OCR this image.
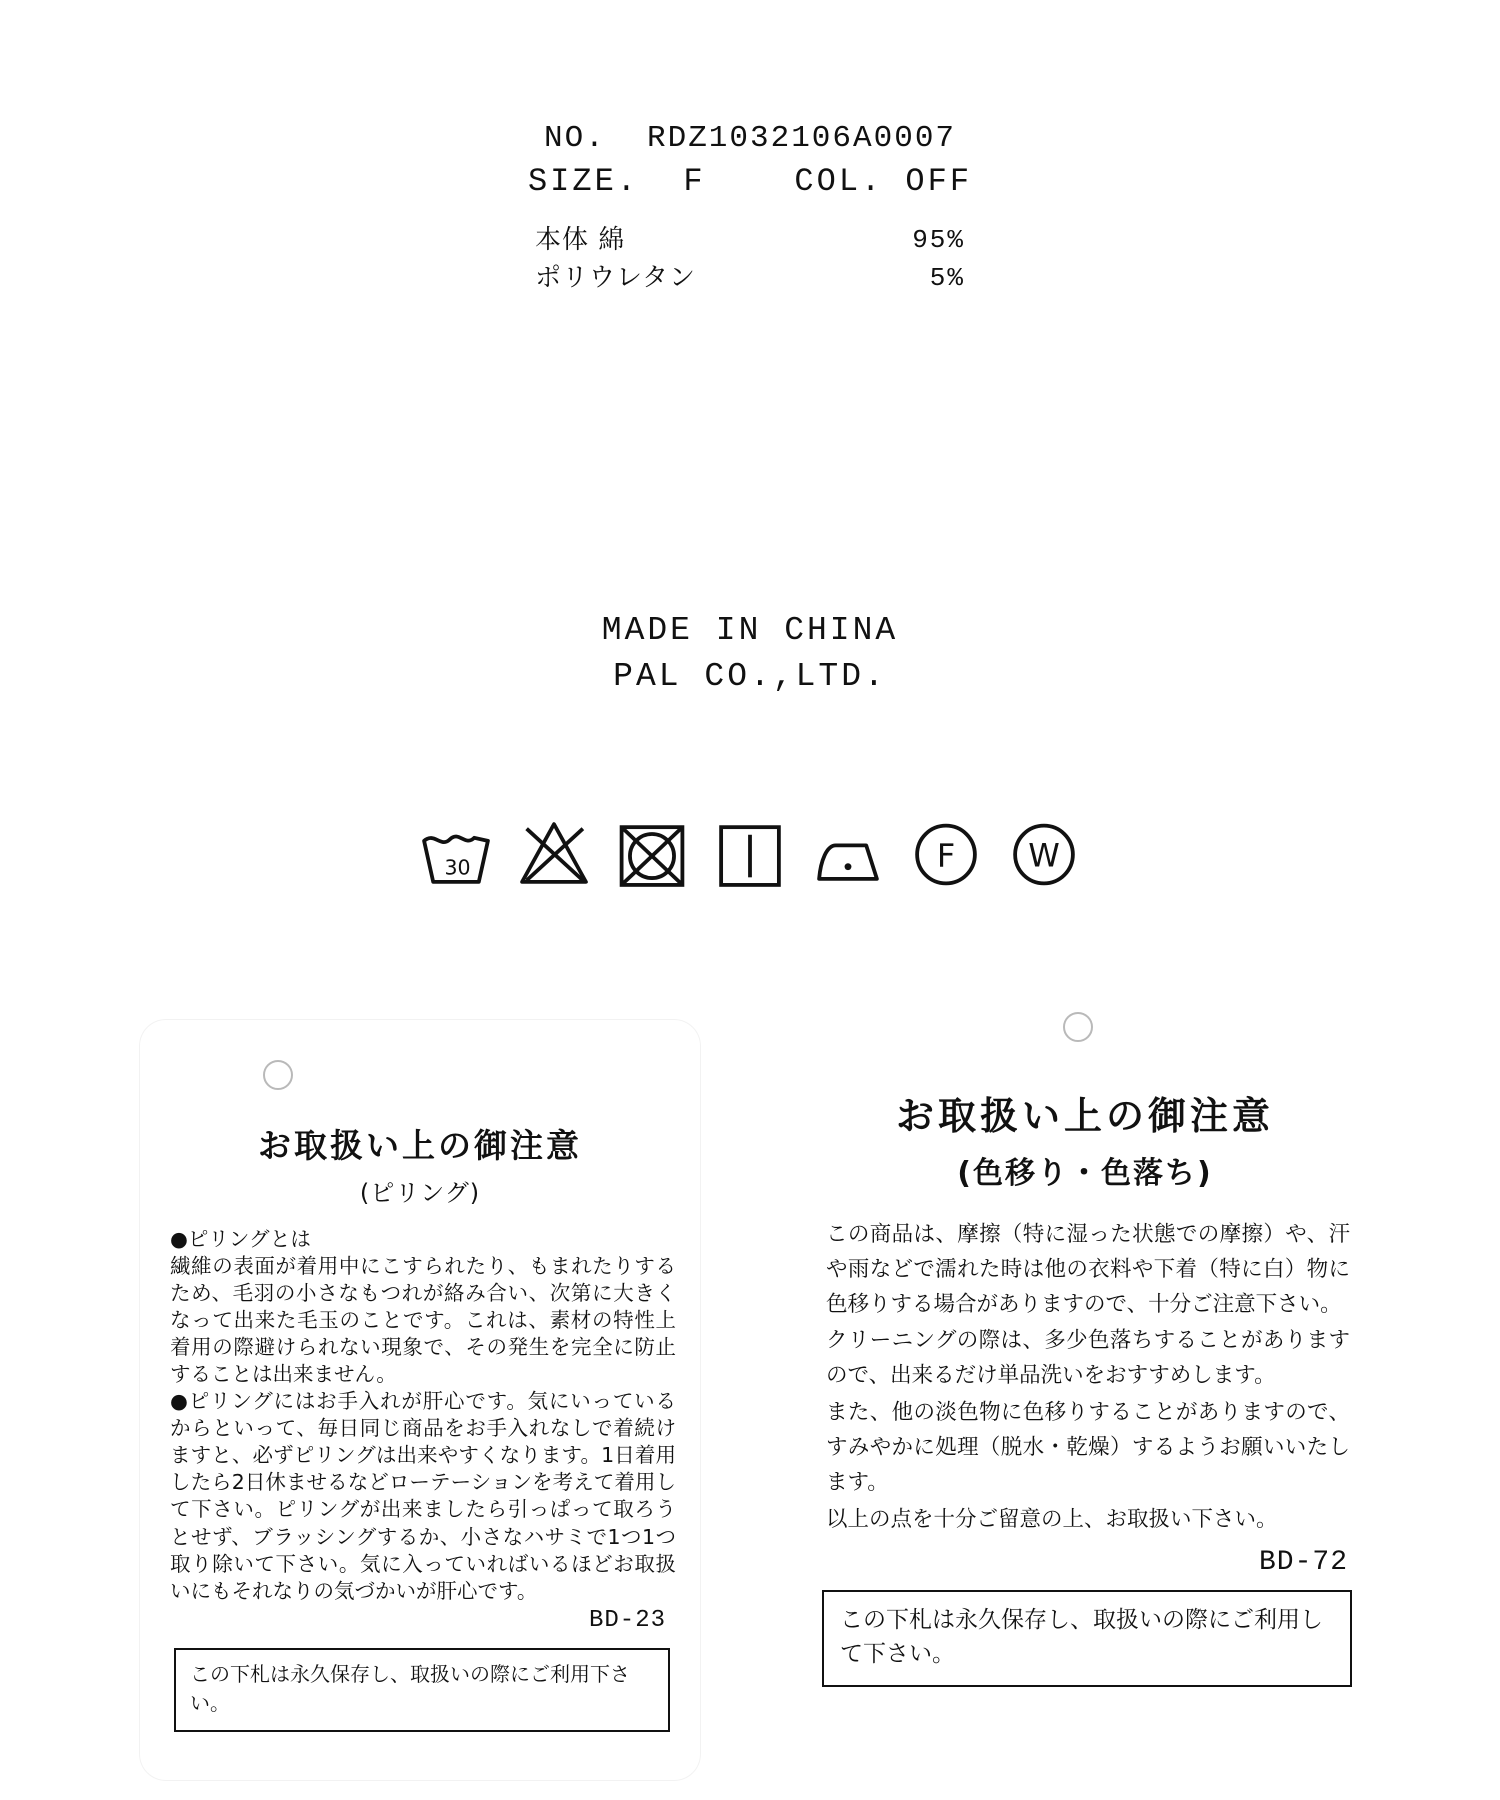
NO.  RDZ1032106A0007
SIZE.  F    COL. OFF
本体 綿	95%
ポリウレタン	5%
MADE IN CHINA
PAL CO.,LTD.
30	F W
お取扱い上の御注意
(ピリング)

●ピリングとは

繊維の表面が着用中にこすられたり、もまれたりするため、毛羽の小さなもつれが絡み合い、次第に大きくなって出来た毛玉のことです。これは、素材の特性上着用の際避けられない現象で、その発生を完全に防止することは出来ません。

●ピリングにはお手入れが肝心です。気にいっているからといって、毎日同じ商品をお手入れなしで着続けますと、必ずピリングは出来やすくなります。1日着用したら2日休ませるなどローテーションを考えて着用して下さい。ピリングが出来ましたら引っぱって取ろうとせず、ブラッシングするか、小さなハサミで1つ1つ取り除いて下さい。気に入っていればいるほどお取扱いにもそれなりの気づかいが肝心です。

BD-23

この下札は永久保存し、取扱いの際にご利用下さい。

お取扱い上の御注意
(色移り・色落ち)

この商品は、摩擦（特に湿った状態での摩擦）や、汗や雨などで濡れた時は他の衣料や下着（特に白）物に色移りする場合がありますので、十分ご注意下さい。

クリーニングの際は、多少色落ちすることがありますので、出来るだけ単品洗いをおすすめします。

また、他の淡色物に色移りすることがありますので、すみやかに処理（脱水・乾燥）するようお願いいたします。

以上の点を十分ご留意の上、お取扱い下さい。

BD-72

この下札は永久保存し、取扱いの際にご利用して下さい。
